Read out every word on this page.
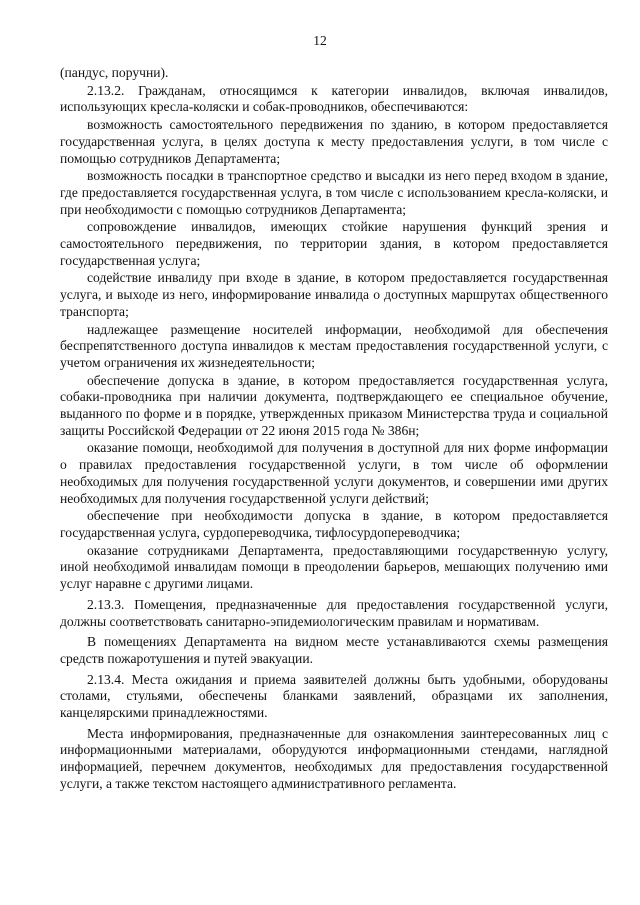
12

(пандус, поручни).

2.13.2. Гражданам, относящимся к категории инвалидов, включая инвалидов, использующих кресла-коляски и собак-проводников, обеспечиваются:

возможность самостоятельного передвижения по зданию, в котором предоставляется государственная услуга, в целях доступа к месту предоставления услуги, в том числе с помощью сотрудников Департамента;

возможность посадки в транспортное средство и высадки из него перед входом в здание, где предоставляется государственная услуга, в том числе с использованием кресла-коляски, и при необходимости с помощью сотрудников Департамента;

сопровождение инвалидов, имеющих стойкие нарушения функций зрения и самостоятельного передвижения, по территории здания, в котором предоставляется государственная услуга;

содействие инвалиду при входе в здание, в котором предоставляется государственная услуга, и выходе из него, информирование инвалида о доступных маршрутах общественного транспорта;

надлежащее размещение носителей информации, необходимой для обеспечения беспрепятственного доступа инвалидов к местам предоставления государственной услуги, с учетом ограничения их жизнедеятельности;

обеспечение допуска в здание, в котором предоставляется государственная услуга, собаки-проводника при наличии документа, подтверждающего ее специальное обучение, выданного по форме и в порядке, утвержденных приказом Министерства труда и социальной защиты Российской Федерации от 22 июня 2015 года № 386н;

оказание помощи, необходимой для получения в доступной для них форме информации о правилах предоставления государственной услуги, в том числе об оформлении необходимых для получения государственной услуги документов, и совершении ими других необходимых для получения государственной услуги действий;

обеспечение при необходимости допуска в здание, в котором предоставляется государственная услуга, сурдопереводчика, тифлосурдопереводчика;

оказание сотрудниками Департамента, предоставляющими государственную услугу, иной необходимой инвалидам помощи в преодолении барьеров, мешающих получению ими услуг наравне с другими лицами.

2.13.3. Помещения, предназначенные для предоставления государственной услуги, должны соответствовать санитарно-эпидемиологическим правилам и нормативам.

В помещениях Департамента на видном месте устанавливаются схемы размещения средств пожаротушения и путей эвакуации.

2.13.4. Места ожидания и приема заявителей должны быть удобными, оборудованы столами, стульями, обеспечены бланками заявлений, образцами их заполнения, канцелярскими принадлежностями.

Места информирования, предназначенные для ознакомления заинтересованных лиц с информационными материалами, оборудуются информационными стендами, наглядной информацией, перечнем документов, необходимых для предоставления государственной услуги, а также текстом настоящего административного регламента.
